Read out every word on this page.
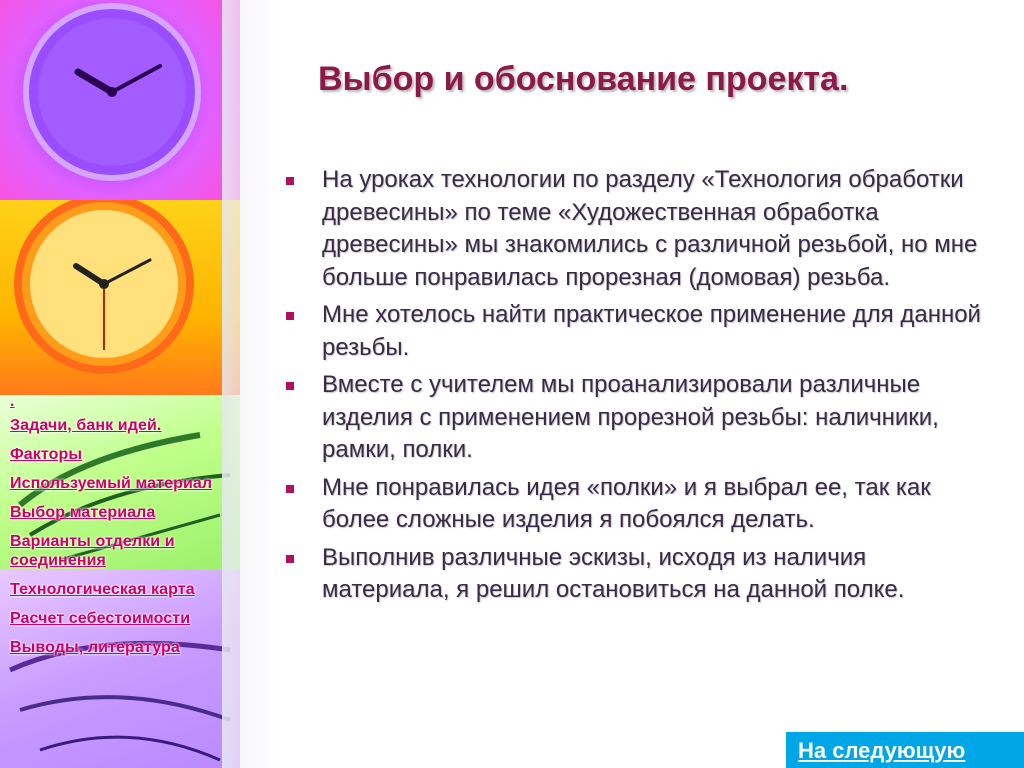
.
Задачи, банк идей.
Факторы
Используемый материал
Выбор материала
Варианты отделки и соединения
Технологическая карта
Расчет себестоимости
Выводы, литература
Выбор и обоснование проекта.
На уроках технологии по разделу «Технология обработки древесины» по теме «Художественная обработка древесины» мы знакомились с различной резьбой, но мне больше понравилась прорезная (домовая) резьба.
Мне хотелось найти практическое применение для данной резьбы.
Вместе с учителем мы проанализировали различные изделия с применением прорезной резьбы: наличники, рамки, полки.
Мне понравилась идея «полки» и я выбрал ее, так как более сложные изделия я побоялся делать.
Выполнив различные эскизы, исходя из наличия материала, я решил остановиться на данной полке.
На следующую
